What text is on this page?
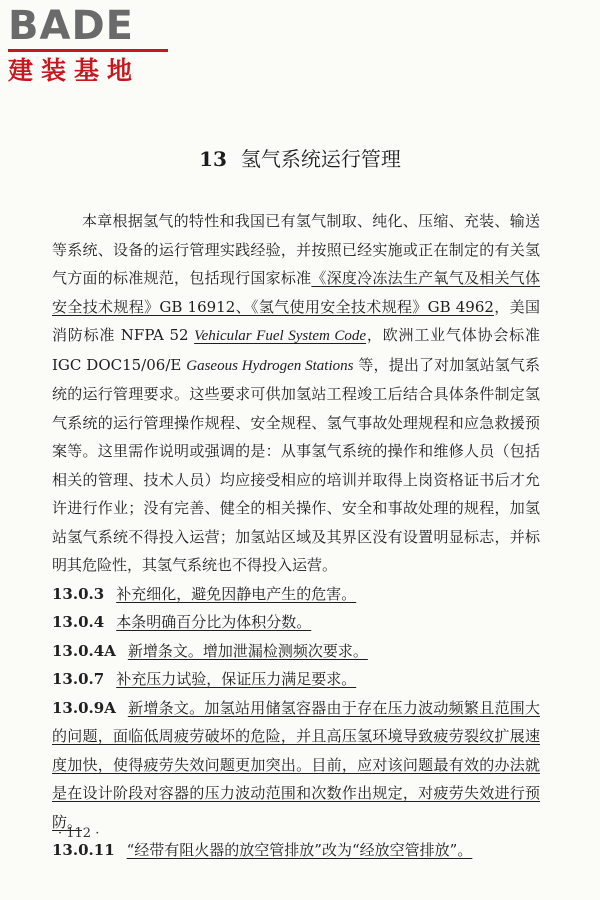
BADE
建装基地
13 氢气系统运行管理

本章根据氢气的特性和我国已有氢气制取、纯化、压缩、充装、输送等系统、设备的运行管理实践经验，并按照已经实施或正在制定的有关氢气方面的标准规范，包括现行国家标准《深度冷冻法生产氧气及相关气体安全技术规程》GB 16912、《氢气使用安全技术规程》GB 4962，美国消防标准 NFPA 52 Vehicular Fuel System Code，欧洲工业气体协会标准 IGC DOC15/06/E Gaseous Hydrogen Stations 等，提出了对加氢站氢气系统的运行管理要求。这些要求可供加氢站工程竣工后结合具体条件制定氢气系统的运行管理操作规程、安全规程、氢气事故处理规程和应急救援预案等。这里需作说明或强调的是：从事氢气系统的操作和维修人员（包括相关的管理、技术人员）均应接受相应的培训并取得上岗资格证书后才允许进行作业；没有完善、健全的相关操作、安全和事故处理的规程，加氢站氢气系统不得投入运营；加氢站区域及其界区没有设置明显标志，并标明其危险性，其氢气系统也不得投入运营。

13.0.3 补充细化，避免因静电产生的危害。

13.0.4 本条明确百分比为体积分数。

13.0.4A 新增条文。增加泄漏检测频次要求。

13.0.7 补充压力试验，保证压力满足要求。

13.0.9A 新增条文。加氢站用储氢容器由于存在压力波动频繁且范围大的问题，面临低周疲劳破坏的危险，并且高压氢环境导致疲劳裂纹扩展速度加快，使得疲劳失效问题更加突出。目前，应对该问题最有效的办法就是在设计阶段对容器的压力波动范围和次数作出规定，对疲劳失效进行预防。

13.0.11 “经带有阻火器的放空管排放”改为“经放空管排放”。

· 112 ·
